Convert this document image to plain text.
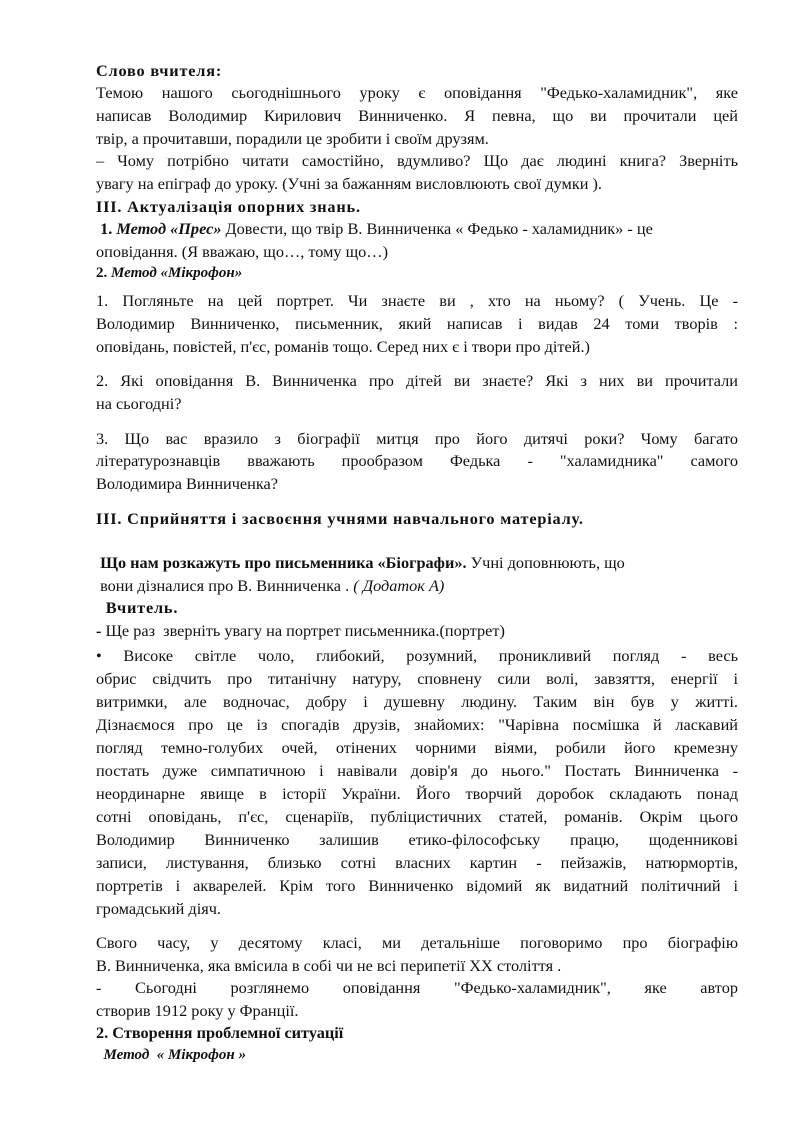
Слово вчителя:
Темою нашого сьогоднішнього уроку є оповідання "Федько-халамидник", яке
написав Володимир Кирилович Винниченко. Я певна, що ви прочитали цей
твір, а прочитавши, порадили це зробити і своїм друзям.
– Чому потрібно читати самостійно, вдумливо? Що дає людині книга? Зверніть
увагу на епіграф до уроку. (Учні за бажанням висловлюють свої думки ).
ІІІ. Актуалізація опорних знань.
1. Метод «Прес» Довести, що твір В. Винниченка « Федько - халамидник» - це
оповідання. (Я вважаю, що…, тому що…)
2. Метод «Мікрофон»
1. Погляньте на цей портрет. Чи знаєте ви , хто на ньому? ( Учень. Це -
Володимир Винниченко, письменник, який написав і видав 24 томи творів :
оповідань, повістей, п'єс, романів тощо. Серед них є і твори про дітей.)
2. Які оповідання В. Винниченка про дітей ви знаєте? Які з них ви прочитали
на сьогодні?
3. Що вас вразило з біографії митця про його дитячі роки? Чому багато
літературознавців вважають прообразом Федька - "халамидника" самого
Володимира Винниченка?
ІІІ. Сприйняття і засвоєння учнями навчального матеріалу.
Що нам розкажуть про письменника «Біографи». Учні доповнюють, що
вони дізналися про В. Винниченка . ( Додаток А)
Вчитель.
- Ще раз  зверніть увагу на портрет письменника.(портрет)
• Високе світле чоло, глибокий, розумний, проникливий погляд - весь
обрис свідчить про титанічну натуру, сповнену сили волі, завзяття, енергії і
витримки, але водночас, добру і душевну людину. Таким він був у житті.
Дізнаємося про це із спогадів друзів, знайомих: "Чарівна посмішка й ласкавий
погляд темно-голубих очей, отінених чорними віями, робили його кремезну
постать дуже симпатичною і навівали довір'я до нього." Постать Винниченка -
неординарне явище в історії України. Його творчий доробок складають понад
сотні оповідань, п'єс, сценаріїв, публіцистичних статей, романів. Окрім цього
Володимир Винниченко залишив етико-філософську працю, щоденникові
записи, листування, близько сотні власних картин - пейзажів, натюрмортів,
портретів і акварелей. Крім того Винниченко відомий як видатний політичний і
громадський діяч.
Свого часу, у десятому класі, ми детальніше поговоримо про біографію
В. Винниченка, яка вмісила в собі чи не всі перипетії XX століття .
- Сьогодні розглянемо оповідання "Федько-халамидник", яке автор
створив 1912 року у Франції.
2. Створення проблемної ситуації
Метод  « Мікрофон »
